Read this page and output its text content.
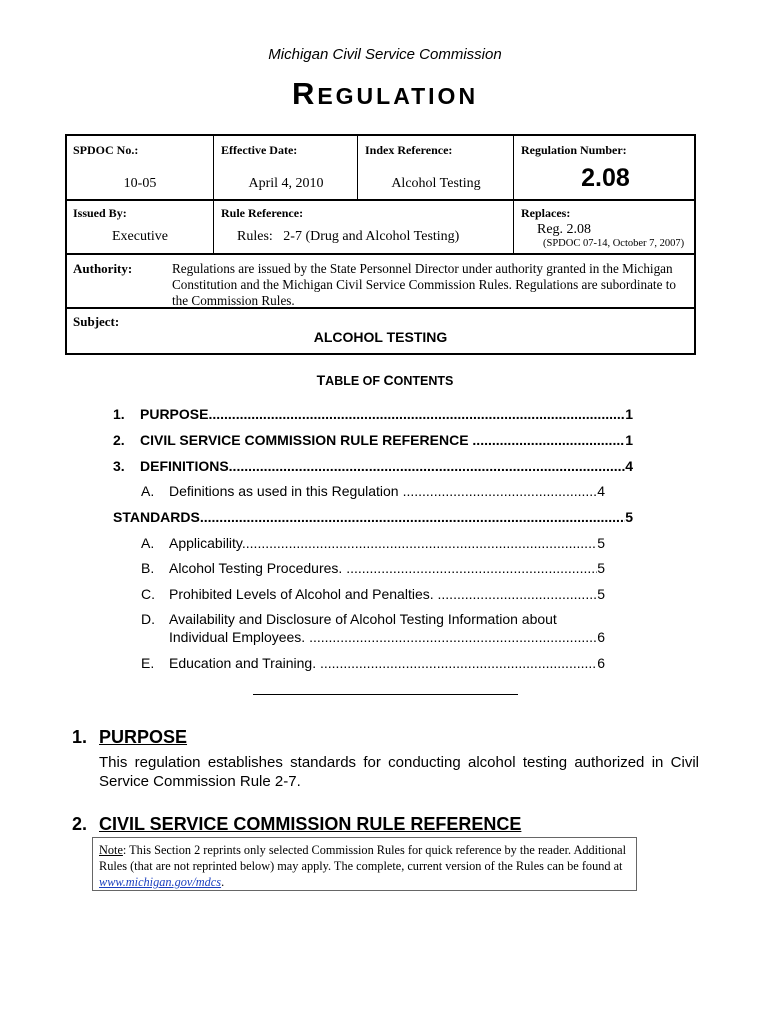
Michigan Civil Service Commission
REGULATION
SPDOC No.:
10-05
Effective Date:
April 4, 2010
Index Reference:
Alcohol Testing
Regulation Number:
2.08
Issued By:
Executive
Rule Reference:
Rules:   2-7 (Drug and Alcohol Testing)
Replaces:
Reg. 2.08
(SPDOC 07-14, October 7, 2007)
Authority:	Regulations are issued by the State Personnel Director under authority granted in the Michigan Constitution and the Michigan Civil Service Commission Rules. Regulations are subordinate to the Commission Rules.
Subject:
ALCOHOL TESTING
TABLE OF CONTENTS
1. PURPOSE .....	1
2. CIVIL SERVICE COMMISSION RULE REFERENCE .....	1
3. DEFINITIONS .....	4
A. Definitions as used in this Regulation .....	4
STANDARDS .....	5
A. Applicability. .....	5
B. Alcohol Testing Procedures. .....	5
C. Prohibited Levels of Alcohol and Penalties. .....	5
D. Availability and Disclosure of Alcohol Testing Information about
Individual Employees. .....	6
E. Education and Training. .....	6
1. PURPOSE
This regulation establishes standards for conducting alcohol testing authorized in Civil Service Commission Rule 2-7.
2. CIVIL SERVICE COMMISSION RULE REFERENCE
Note: This Section 2 reprints only selected Commission Rules for quick reference by the reader. Additional Rules (that are not reprinted below) may apply. The complete, current version of the Rules can be found at www.michigan.gov/mdcs.
